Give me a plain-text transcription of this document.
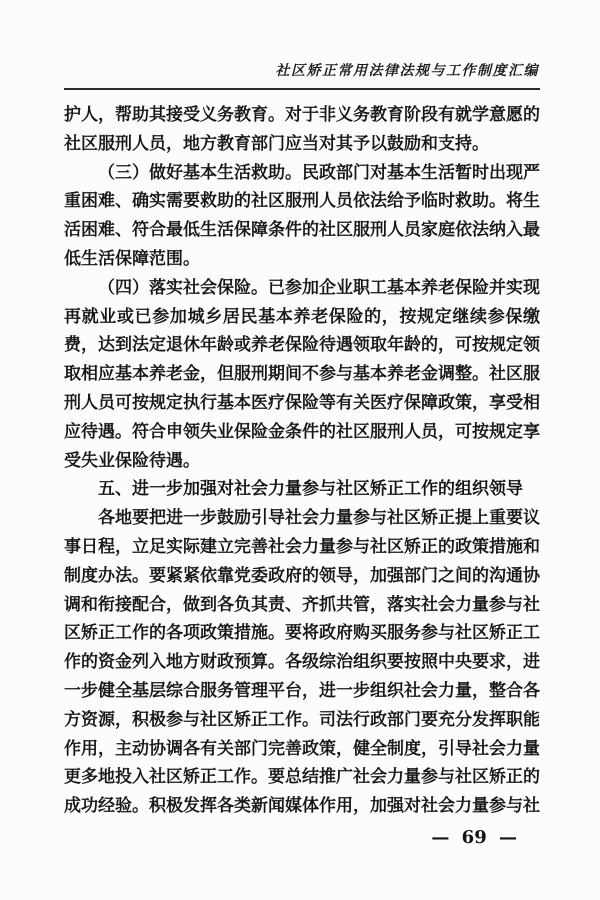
社区矫正常用法律法规与工作制度汇编

护人，帮助其接受义务教育。对于非义务教育阶段有就学意愿的社区服刑人员，地方教育部门应当对其予以鼓励和支持。

（三）做好基本生活救助。民政部门对基本生活暂时出现严重困难、确实需要救助的社区服刑人员依法给予临时救助。将生活困难、符合最低生活保障条件的社区服刑人员家庭依法纳入最低生活保障范围。

（四）落实社会保险。已参加企业职工基本养老保险并实现再就业或已参加城乡居民基本养老保险的，按规定继续参保缴费，达到法定退休年龄或养老保险待遇领取年龄的，可按规定领取相应基本养老金，但服刑期间不参与基本养老金调整。社区服刑人员可按规定执行基本医疗保险等有关医疗保障政策，享受相应待遇。符合申领失业保险金条件的社区服刑人员，可按规定享受失业保险待遇。

五、进一步加强对社会力量参与社区矫正工作的组织领导

各地要把进一步鼓励引导社会力量参与社区矫正提上重要议事日程，立足实际建立完善社会力量参与社区矫正的政策措施和制度办法。要紧紧依靠党委政府的领导，加强部门之间的沟通协调和衔接配合，做到各负其责、齐抓共管，落实社会力量参与社区矫正工作的各项政策措施。要将政府购买服务参与社区矫正工作的资金列入地方财政预算。各级综治组织要按照中央要求，进一步健全基层综合服务管理平台，进一步组织社会力量，整合各方资源，积极参与社区矫正工作。司法行政部门要充分发挥职能作用，主动协调各有关部门完善政策，健全制度，引导社会力量更多地投入社区矫正工作。要总结推广社会力量参与社区矫正的成功经验。积极发挥各类新闻媒体作用，加强对社会力量参与社

— 69 —
